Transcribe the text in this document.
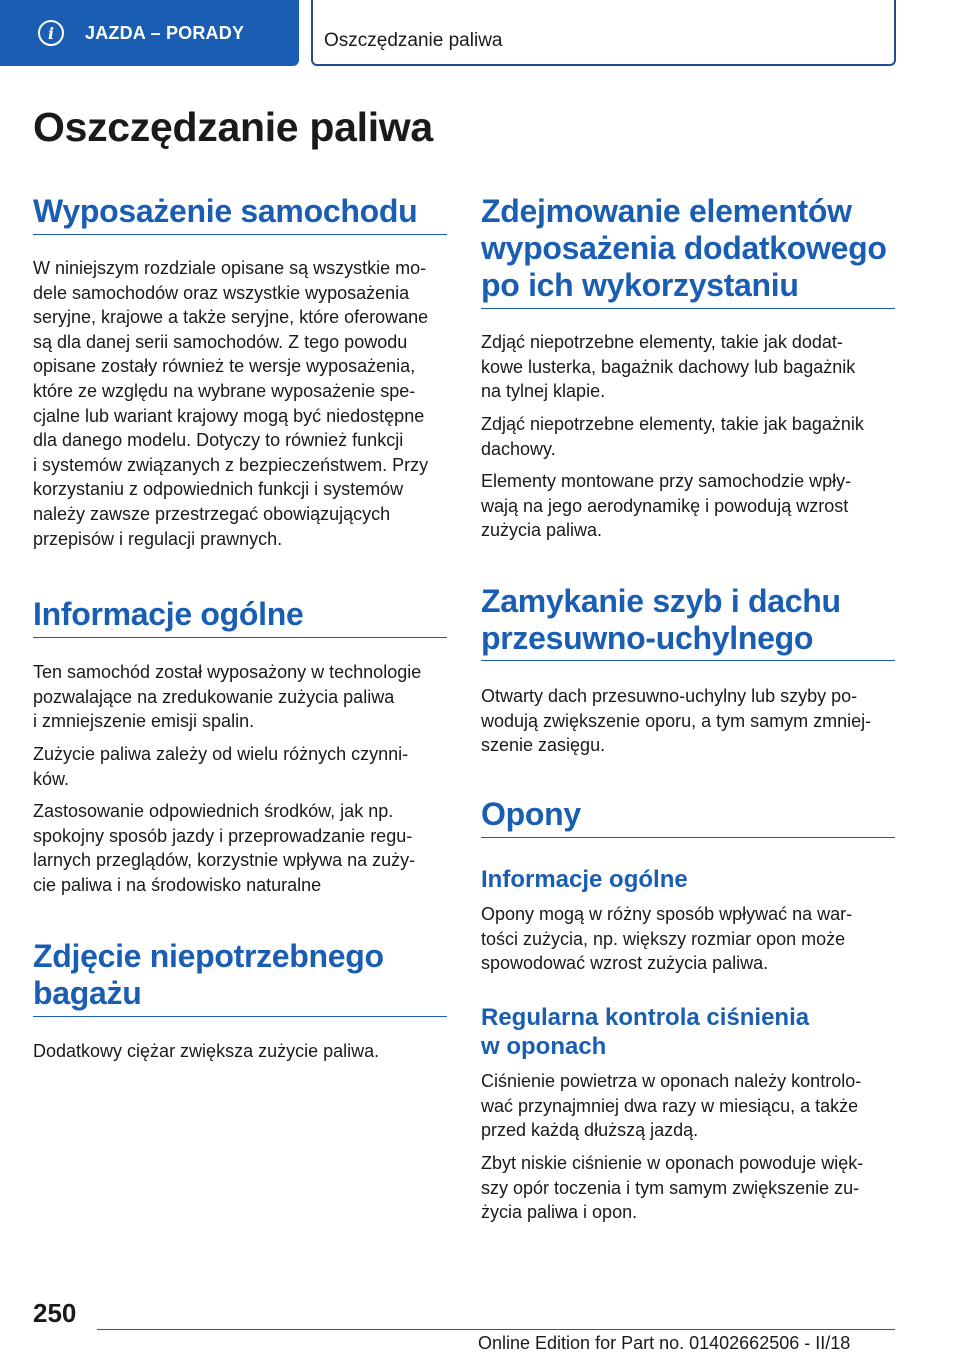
i	JAZDA – PORADY	Oszczędzanie paliwa
Oszczędzanie paliwa
Wyposażenie samochodu
W niniejszym rozdziale opisane są wszystkie mo‐
dele samochodów oraz wszystkie wyposażenia
seryjne, krajowe a także seryjne, które oferowane
są dla danej serii samochodów. Z tego powodu
opisane zostały również te wersje wyposażenia,
które ze względu na wybrane wyposażenie spe‐
cjalne lub wariant krajowy mogą być niedostępne
dla danego modelu. Dotyczy to również funkcji
i systemów związanych z bezpieczeństwem. Przy
korzystaniu z odpowiednich funkcji i systemów
należy zawsze przestrzegać obowiązujących
przepisów i regulacji prawnych.
Informacje ogólne
Ten samochód został wyposażony w technologie
pozwalające na zredukowanie zużycia paliwa
i zmniejszenie emisji spalin.
Zużycie paliwa zależy od wielu różnych czynni‐
ków.
Zastosowanie odpowiednich środków, jak np.
spokojny sposób jazdy i przeprowadzanie regu‐
larnych przeglądów, korzystnie wpływa na zuży‐
cie paliwa i na środowisko naturalne
Zdjęcie niepotrzebnego
bagażu
Dodatkowy ciężar zwiększa zużycie paliwa.
Zdejmowanie elementów
wyposażenia dodatkowego
po ich wykorzystaniu
Zdjąć niepotrzebne elementy, takie jak dodat‐
kowe lusterka, bagażnik dachowy lub bagażnik
na tylnej klapie.
Zdjąć niepotrzebne elementy, takie jak bagażnik
dachowy.
Elementy montowane przy samochodzie wpły‐
wają na jego aerodynamikę i powodują wzrost
zużycia paliwa.
Zamykanie szyb i dachu
przesuwno-uchylnego
Otwarty dach przesuwno-uchylny lub szyby po‐
wodują zwiększenie oporu, a tym samym zmniej‐
szenie zasięgu.
Opony
Informacje ogólne
Opony mogą w różny sposób wpływać na war‐
tości zużycia, np. większy rozmiar opon może
spowodować wzrost zużycia paliwa.
Regularna kontrola ciśnienia
w oponach
Ciśnienie powietrza w oponach należy kontrolo‐
wać przynajmniej dwa razy w miesiącu, a także
przed każdą dłuższą jazdą.
Zbyt niskie ciśnienie w oponach powoduje więk‐
szy opór toczenia i tym samym zwiększenie zu‐
życia paliwa i opon.
250
Online Edition for Part no. 01402662506 - II/18
